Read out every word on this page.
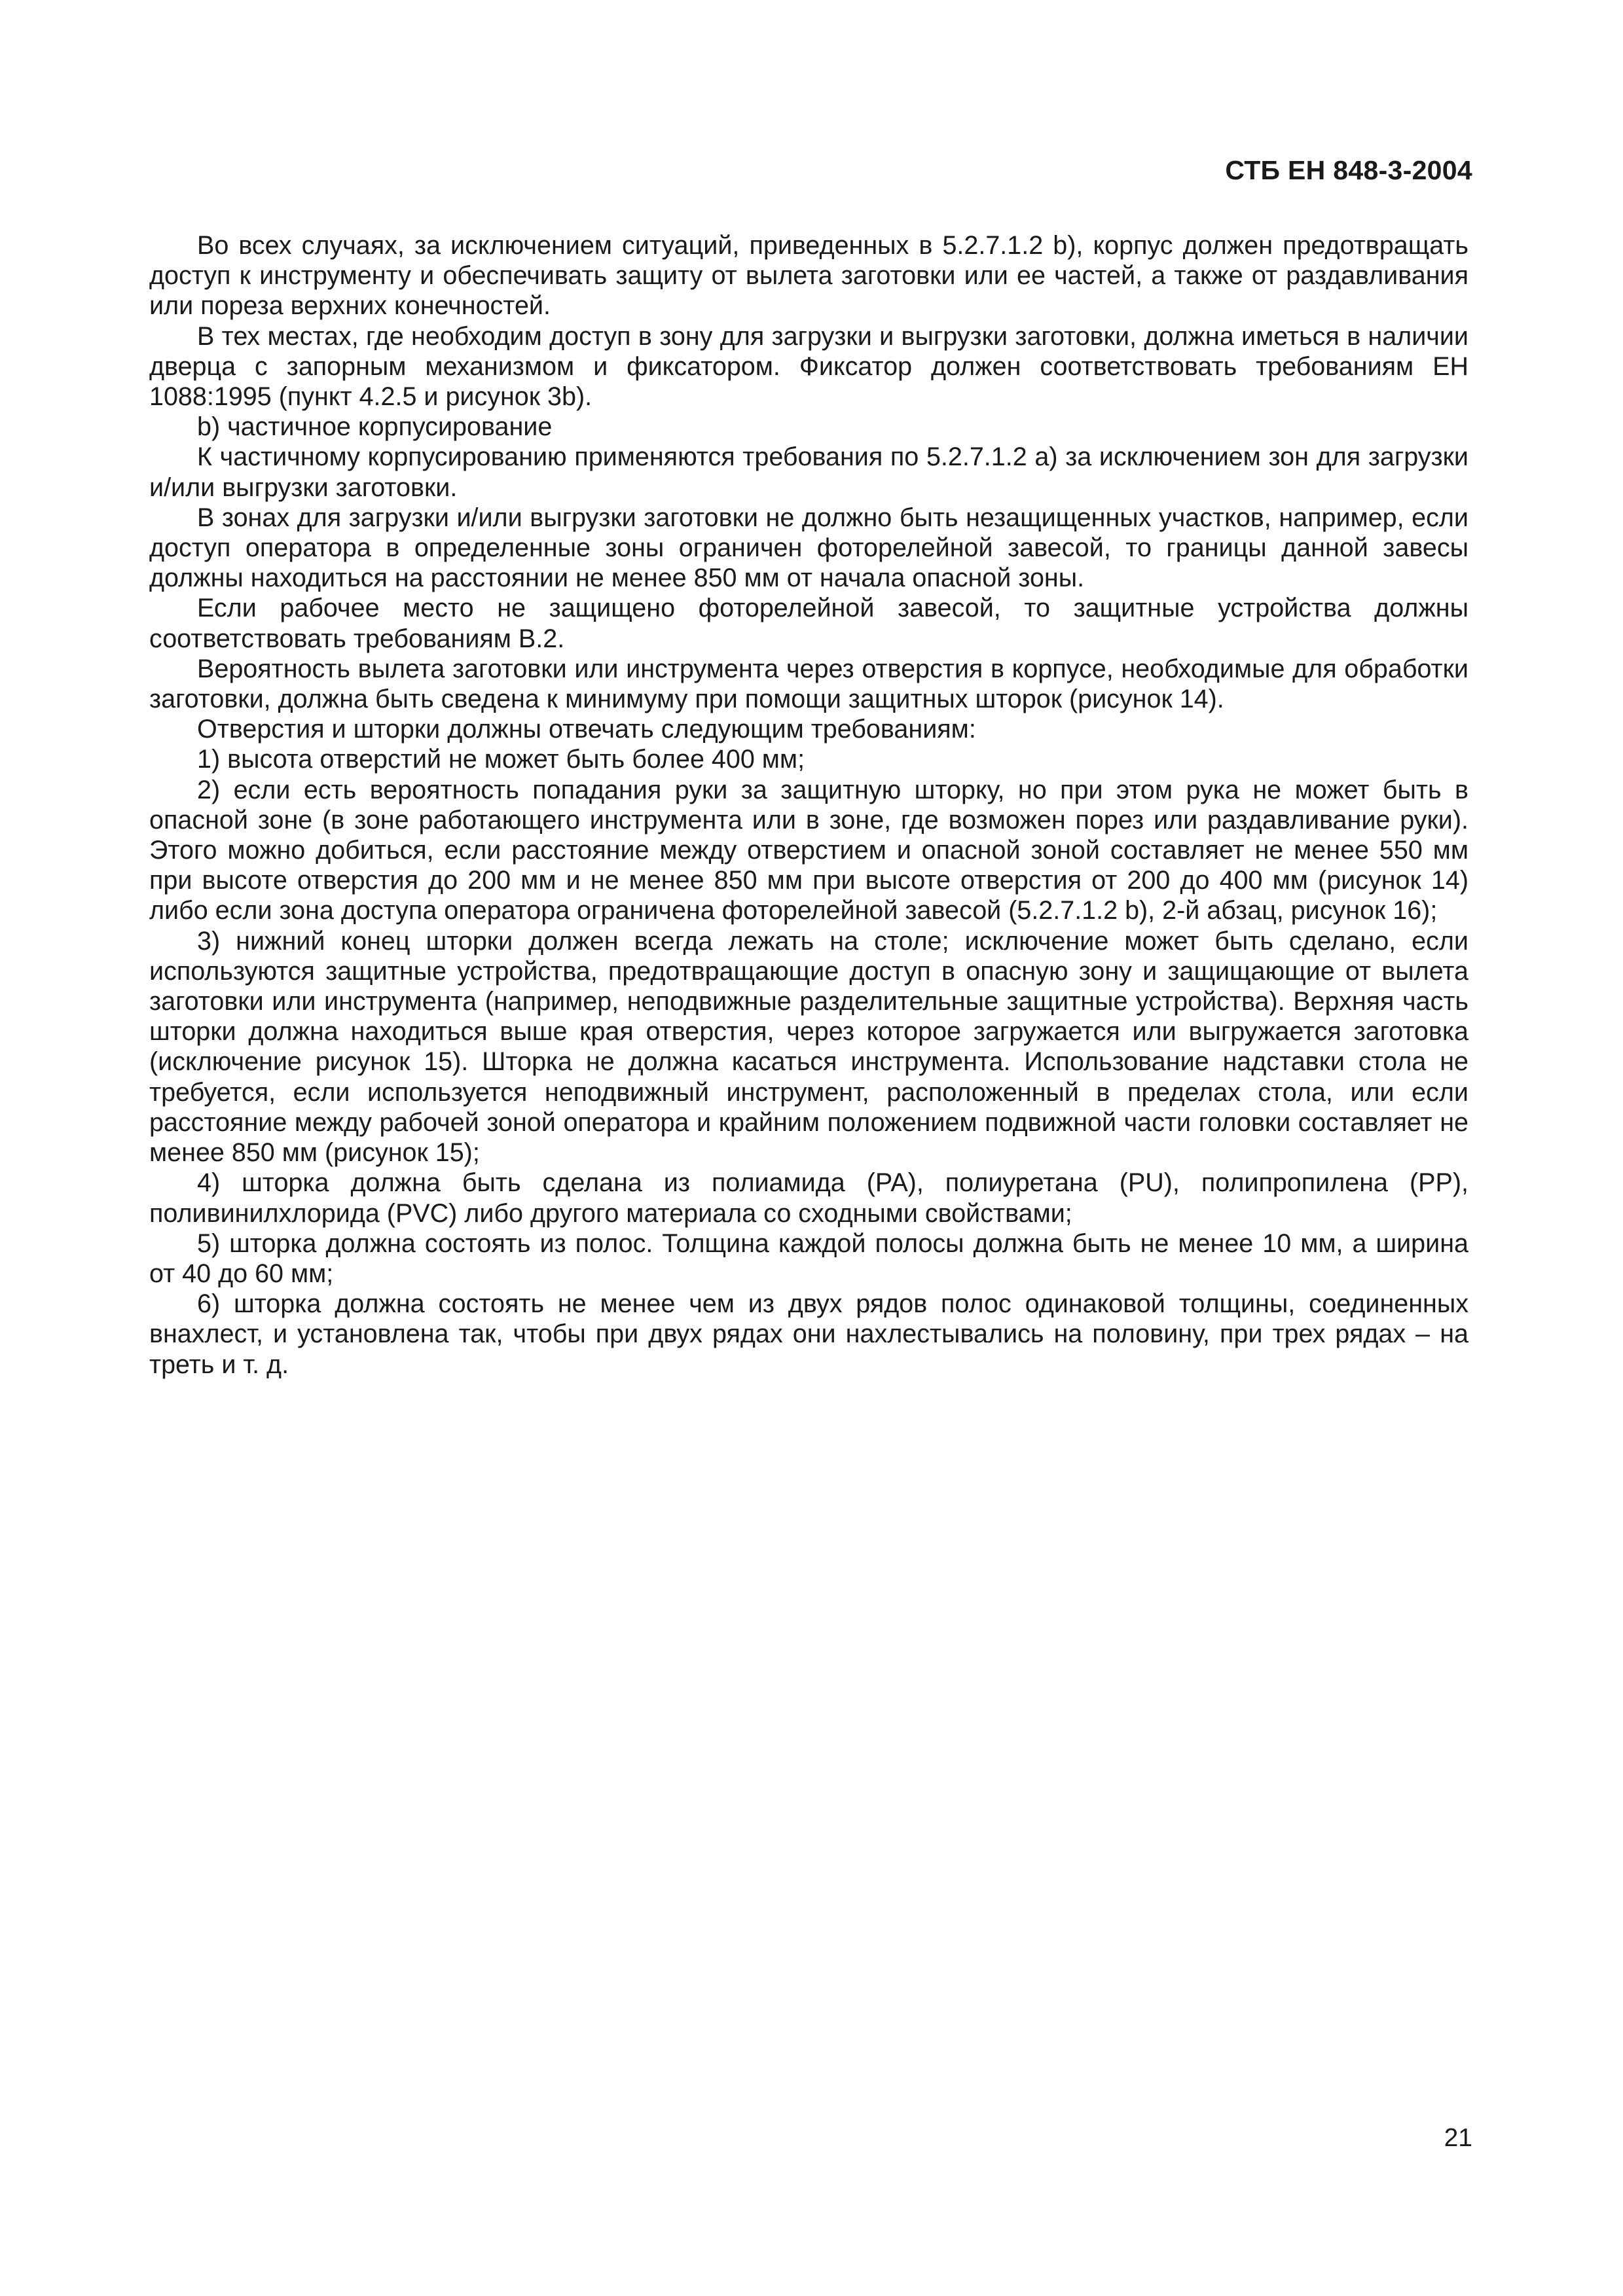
СТБ ЕН 848-3-2004

Во всех случаях, за исключением ситуаций, приведенных в 5.2.7.1.2 b), корпус должен предотвращать доступ к инструменту и обеспечивать защиту от вылета заготовки или ее частей, а также от раздавливания или пореза верхних конечностей.

В тех местах, где необходим доступ в зону для загрузки и выгрузки заготовки, должна иметься в наличии дверца с запорным механизмом и фиксатором. Фиксатор должен соответствовать требованиям ЕН 1088:1995 (пункт 4.2.5 и рисунок 3b).

b) частичное корпусирование

К частичному корпусированию применяются требования по 5.2.7.1.2 а) за исключением зон для загрузки и/или выгрузки заготовки.

В зонах для загрузки и/или выгрузки заготовки не должно быть незащищенных участков, например, если доступ оператора в определенные зоны ограничен фоторелейной завесой, то границы данной завесы должны находиться на расстоянии не менее 850 мм от начала опасной зоны.

Если рабочее место не защищено фоторелейной завесой, то защитные устройства должны соответствовать требованиям В.2.

Вероятность вылета заготовки или инструмента через отверстия в корпусе, необходимые для обработки заготовки, должна быть сведена к минимуму при помощи защитных шторок (рисунок 14).

Отверстия и шторки должны отвечать следующим требованиям:

1) высота отверстий не может быть более 400 мм;

2) если есть вероятность попадания руки за защитную шторку, но при этом рука не может быть в опасной зоне (в зоне работающего инструмента или в зоне, где возможен порез или раздавливание руки). Этого можно добиться, если расстояние между отверстием и опасной зоной составляет не менее 550 мм при высоте отверстия до 200 мм и не менее 850 мм при высоте отверстия от 200 до 400 мм (рисунок 14) либо если зона доступа оператора ограничена фоторелейной завесой (5.2.7.1.2 b), 2-й абзац, рисунок 16);

3) нижний конец шторки должен всегда лежать на столе; исключение может быть сделано, если используются защитные устройства, предотвращающие доступ в опасную зону и защищающие от вылета заготовки или инструмента (например, неподвижные разделительные защитные устройства). Верхняя часть шторки должна находиться выше края отверстия, через которое загружается или выгружается заготовка (исключение рисунок 15). Шторка не должна касаться инструмента. Использование надставки стола не требуется, если используется неподвижный инструмент, расположенный в пределах стола, или если расстояние между рабочей зоной оператора и крайним положением подвижной части головки составляет не менее 850 мм (рисунок 15);

4) шторка должна быть сделана из полиамида (PA), полиуретана (PU), полипропилена (PP), поливинилхлорида (PVC) либо другого материала со сходными свойствами;

5) шторка должна состоять из полос. Толщина каждой полосы должна быть не менее 10 мм, а ширина от 40 до 60 мм;

6) шторка должна состоять не менее чем из двух рядов полос одинаковой толщины, соединенных внахлест, и установлена так, чтобы при двух рядах они нахлестывались на половину, при трех рядах – на треть и т. д.

21
